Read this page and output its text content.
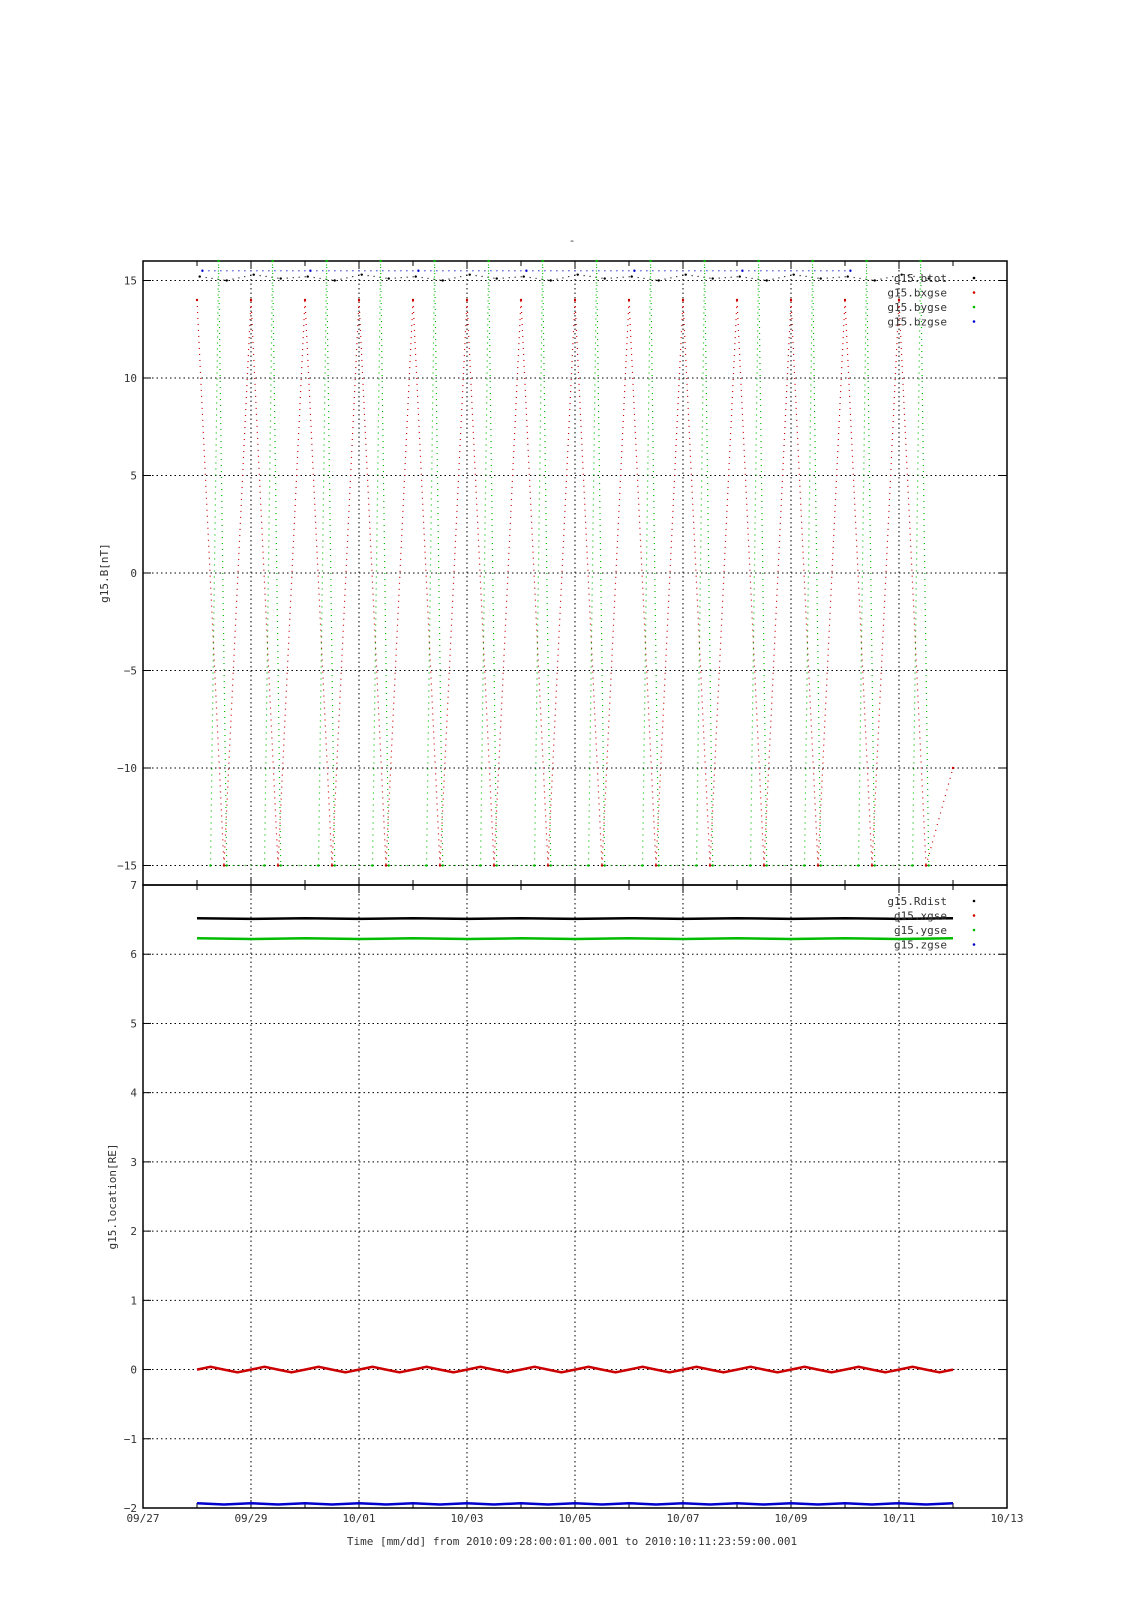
-
15
10
5
0
−5
−10
−15
g15.B[nT]
g15.btot
g15.bxgse
g15.bygse
g15.bzgse
7
6
5
4
3
2
1
0
−1
−2
g15.location[RE]
g15.Rdist
g15.xgse
g15.ygse
g15.zgse
09/27	09/29	10/01	10/03	10/05	10/07	10/09	10/11	10/13
Time [mm/dd] from 2010:09:28:00:01:00.001 to 2010:10:11:23:59:00.001
